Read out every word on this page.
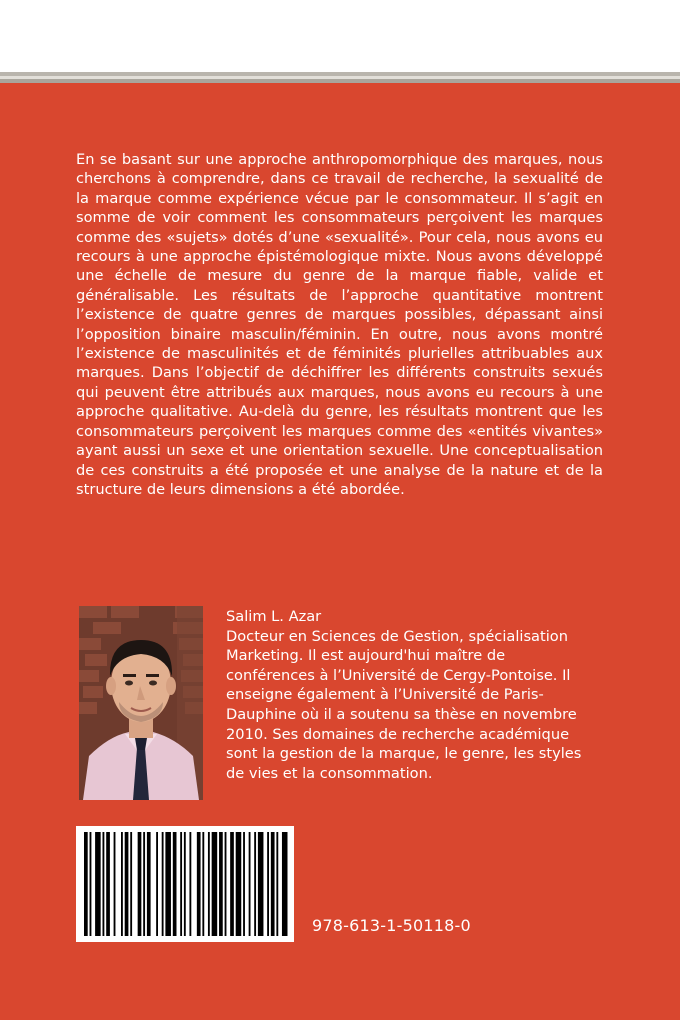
En se basant sur une approche anthropomorphique des marques, nous cherchons à comprendre, dans ce travail de recherche, la sexualité de la marque comme expérience vécue par le consommateur. Il s’agit en somme de voir comment les consommateurs perçoivent les marques comme des «sujets» dotés d’une «sexualité». Pour cela, nous avons eu recours à une approche épistémologique mixte. Nous avons développé une échelle de mesure du genre de la marque fiable, valide et généralisable. Les résultats de l’approche quantitative montrent l’existence de quatre genres de marques possibles, dépassant ainsi l’opposition binaire masculin/féminin. En outre, nous avons montré l’existence de masculinités et de féminités plurielles attribuables aux marques. Dans l’objectif de déchiffrer les différents construits sexués qui peuvent être attribués aux marques, nous avons eu recours à une approche qualitative. Au-delà du genre, les résultats montrent que les consommateurs perçoivent les marques comme des «entités vivantes» ayant aussi un sexe et une orientation sexuelle. Une conceptualisation de ces construits a été proposée et une analyse de la nature et de la structure de leurs dimensions a été abordée.

Salim L. Azar

Docteur en Sciences de Gestion, spécialisation Marketing. Il est aujourd'hui maître de conférences à l’Université de Cergy-Pontoise. Il enseigne également à l’Université de Paris-Dauphine où il a soutenu sa thèse en novembre 2010. Ses domaines de recherche académique sont la gestion de la marque, le genre, les styles de vies et la consommation.

978-613-1-50118-0
